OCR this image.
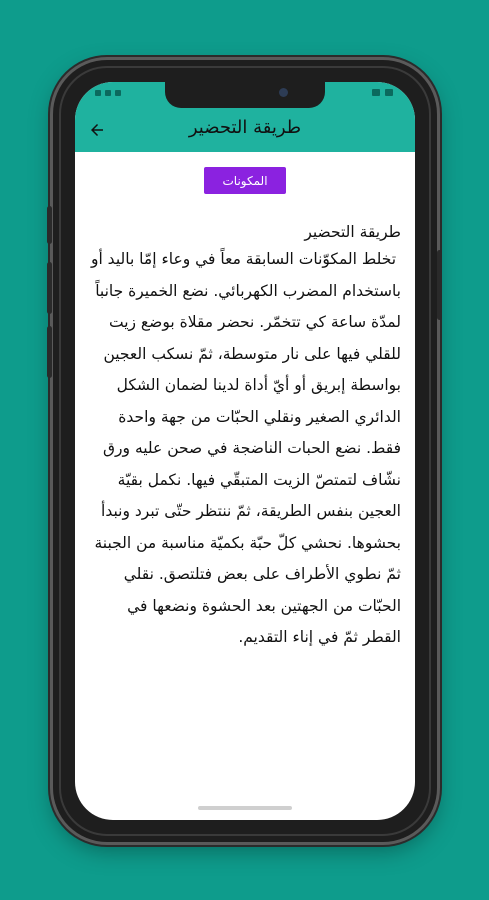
طريقة التحضير
المكونات
طريقة التحضير
تخلط المكوّنات السابقة معاً في وعاء إمّا باليد أو باستخدام المضرب الكهربائي. نضع الخميرة جانباً لمدّة ساعة كي تتخمّر. نحضر مقلاة بوضع زيت للقلي فيها على نار متوسطة، ثمّ نسكب العجين بواسطة إبريق أو أيّ أداة لدينا لضمان الشكل الدائري الصغير ونقلي الحبّات من جهة واحدة فقط. نضع الحبات الناضجة في صحن عليه ورق نشّاف لتمتصّ الزيت المتبقّي فيها. نكمل بقيّة العجين بنفس الطريقة، ثمّ ننتظر حتّى تبرد ونبدأ بحشوها. نحشي كلّ حبّة بكميّة مناسبة من الجبنة ثمّ نطوي الأطراف على بعض فتلتصق. نقلي الحبّات من الجهتين بعد الحشوة ونضعها في القطر ثمّ في إناء التقديم.
